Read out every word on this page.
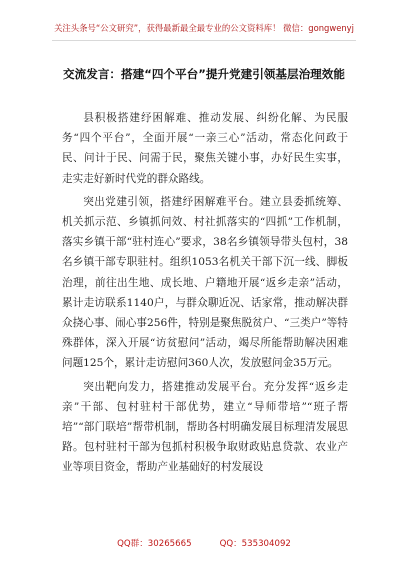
关注头条号“公文研究”，获得最新最全最专业的公文资料库！ 微信：gongwenyj
交流发言：搭建“四个平台”提升党建引领基层治理效能

县积极搭建纾困解难、推动发展、纠纷化解、为民服务“四个平台”，全面开展“一亲三心”活动，常态化问政于民、问计于民、问需于民，聚焦关键小事，办好民生实事，走实走好新时代党的群众路线。

突出党建引领，搭建纾困解难平台。建立县委抓统筹、机关抓示范、乡镇抓问效、村社抓落实的“四抓”工作机制，落实乡镇干部“驻村连心”要求，38名乡镇领导带头包村，38名乡镇干部专职驻村。组织1053名机关干部下沉一线、脚板治理，前往出生地、成长地、户籍地开展“返乡走亲”活动，累计走访联系1140户，与群众聊近况、话家常，推动解决群众挠心事、闹心事256件，特别是聚焦脱贫户、“三类户”等特殊群体，深入开展“访贫慰问”活动，竭尽所能帮助解决困难问题125个，累计走访慰问360人次，发放慰问金35万元。

突出靶向发力，搭建推动发展平台。充分发挥“返乡走亲”干部、包村驻村干部优势，建立“导师带培”“班子帮培”“部门联培”帮带机制，帮助各村明确发展目标理清发展思路。包村驻村干部为包抓村积极争取财政贴息贷款、农业产业等项目资金，帮助产业基础好的村发展设

QQ群：30265665	QQ：535304092
